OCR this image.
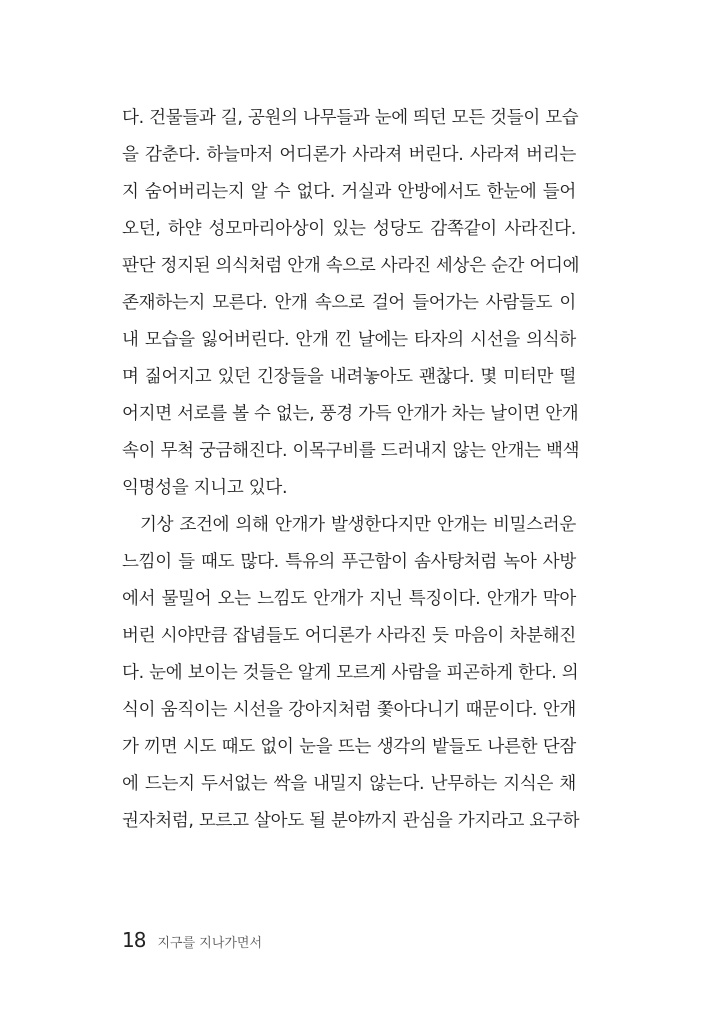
다. 건물들과 길, 공원의 나무들과 눈에 띄던 모든 것들이 모습
을 감춘다. 하늘마저 어디론가 사라져 버린다. 사라져 버리는
지 숨어버리는지 알 수 없다. 거실과 안방에서도 한눈에 들어
오던, 하얀 성모마리아상이 있는 성당도 감쪽같이 사라진다.
판단 정지된 의식처럼 안개 속으로 사라진 세상은 순간 어디에
존재하는지 모른다. 안개 속으로 걸어 들어가는 사람들도 이
내 모습을 잃어버린다. 안개 낀 날에는 타자의 시선을 의식하
며 짊어지고 있던 긴장들을 내려놓아도 괜찮다. 몇 미터만 떨
어지면 서로를 볼 수 없는, 풍경 가득 안개가 차는 날이면 안개
속이 무척 궁금해진다. 이목구비를 드러내지 않는 안개는 백색
익명성을 지니고 있다.
기상 조건에 의해 안개가 발생한다지만 안개는 비밀스러운
느낌이 들 때도 많다. 특유의 푸근함이 솜사탕처럼 녹아 사방
에서 물밀어 오는 느낌도 안개가 지닌 특징이다. 안개가 막아
버린 시야만큼 잡념들도 어디론가 사라진 듯 마음이 차분해진
다. 눈에 보이는 것들은 알게 모르게 사람을 피곤하게 한다. 의
식이 움직이는 시선을 강아지처럼 쫓아다니기 때문이다. 안개
가 끼면 시도 때도 없이 눈을 뜨는 생각의 밭들도 나른한 단잠
에 드는지 두서없는 싹을 내밀지 않는다. 난무하는 지식은 채
권자처럼, 모르고 살아도 될 분야까지 관심을 가지라고 요구하
18 지구를 지나가면서
